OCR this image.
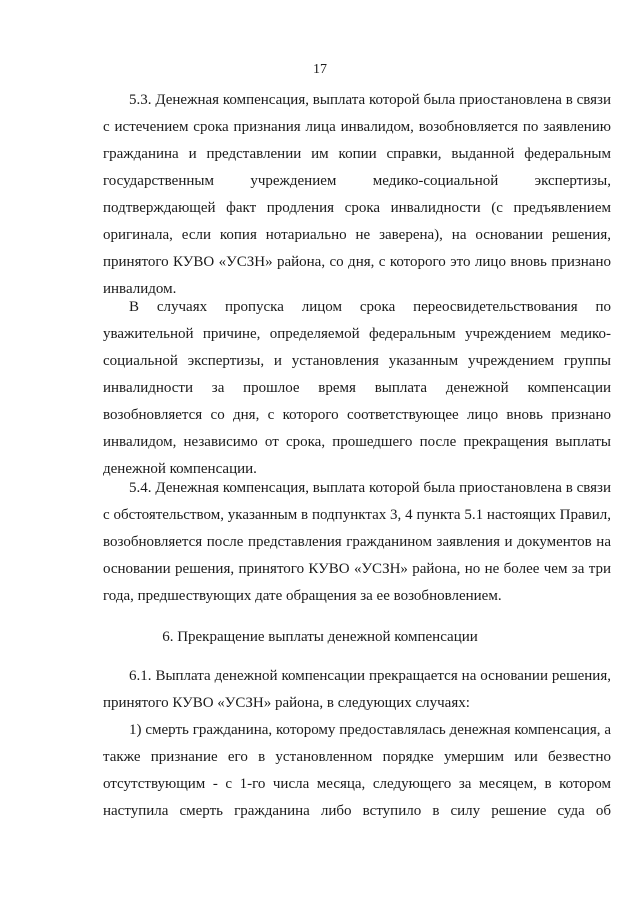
17
5.3. Денежная компенсация, выплата которой была приостановлена в связи
с истечением срока признания лица инвалидом, возобновляется по заявлению
гражданина и представлении им копии справки, выданной федеральным
государственным учреждением медико-социальной экспертизы,
подтверждающей факт продления срока инвалидности (с предъявлением
оригинала, если копия нотариально не заверена), на основании решения,
принятого КУВО «УСЗН» района, со дня, с которого это лицо вновь признано
инвалидом.
В случаях пропуска лицом срока переосвидетельствования по
уважительной причине, определяемой федеральным учреждением медико-
социальной экспертизы, и установления указанным учреждением группы
инвалидности за прошлое время выплата денежной компенсации
возобновляется со дня, с которого соответствующее лицо вновь признано
инвалидом, независимо от срока, прошедшего после прекращения выплаты
денежной компенсации.
5.4. Денежная компенсация, выплата которой была приостановлена в связи
с обстоятельством, указанным в подпунктах 3, 4 пункта 5.1 настоящих Правил,
возобновляется после представления гражданином заявления и документов на
основании решения, принятого КУВО «УСЗН» района, но не более чем за три
года, предшествующих дате обращения за ее возобновлением.
6. Прекращение выплаты денежной компенсации
6.1. Выплата денежной компенсации прекращается на основании решения,
принятого КУВО «УСЗН» района, в следующих случаях:
1) смерть гражданина, которому предоставлялась денежная компенсация, а
также признание его в установленном порядке умершим или безвестно
отсутствующим - с 1-го числа месяца, следующего за месяцем, в котором
наступила смерть гражданина либо вступило в силу решение суда об
